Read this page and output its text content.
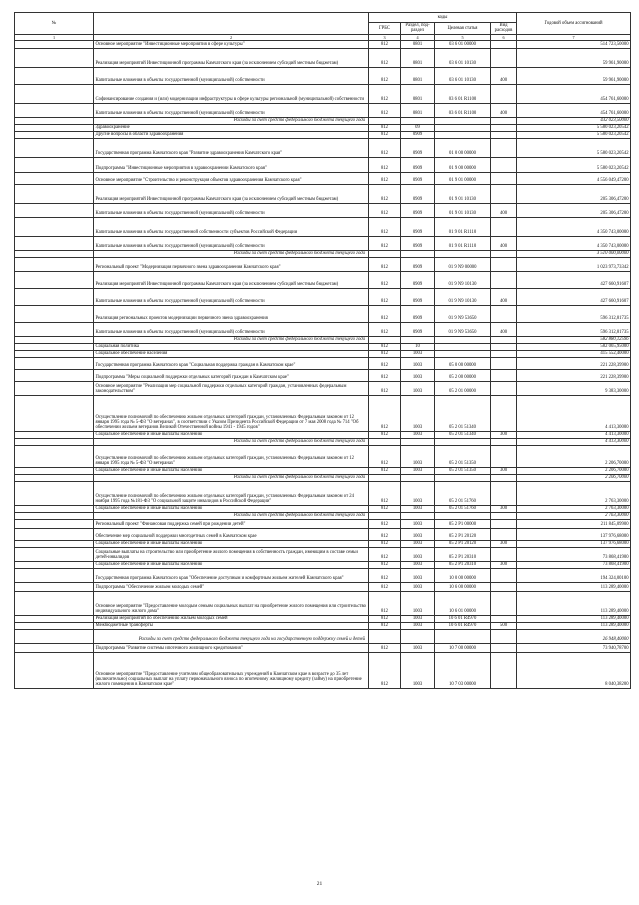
№		коды				Годовой объем ассигнований
		ГРБС	Раздел, под-раздел	Целевая статья	Вид расходов	
1	2	3	4	5	6	7
	Основное мероприятие "Инвестиционные мероприятия в сфере культуры"	812	0801	03 6 01 00000		514 723,50000
	Реализация мероприятий Инвестиционной программы Камчатского края (за исключением субсидий местным бюджетам)	812	0801	03 6 01 10130		59 961,90000
	Капитальные вложения в объекты государственной (муниципальной) собственности	812	0801	03 6 01 10130	400	59 961,90000
	Софинансирование создания и (или) модернизации инфраструктуры в сфере культуры региональной (муниципальной) собственности	812	0801	03 6 01 R1100		454 761,60000
	Капитальные вложения в объекты государственной (муниципальной) собственности	812	0801	03 6 01 R1100	400	454 761,60000
	Расходы за счет средств федерального бюджета текущего года					432 023,50000
	Здравоохранение	812	09			5 580 023,20542
	Другие вопросы в области здравоохранения	812	0909			5 580 023,20542
	Государственная программа Камчатского края "Развитие здравоохранения Камчатского края"	812	0909	01 0 00 00000		5 580 023,20542
	Подпрограмма "Инвестиционные мероприятия в здравоохранении Камчатского края"	812	0909	01 9 00 00000		5 580 023,20542
	Основное мероприятие "Строительство и реконструкция объектов здравоохранения Камчатского края"	812	0909	01 9 01 00000		4 556 049,47200
	Реализация мероприятий Инвестиционной программы Камчатского края (за исключением субсидий местным бюджетам)	812	0909	01 9 01 10130		205 306,47200
	Капитальные вложения в объекты государственной (муниципальной) собственности	812	0909	01 9 01 10130	400	205 306,47200
	Капитальные вложения в объекты государственной собственности субъектов Российской Федерации	812	0909	01 9 01 R1110		4 350 743,00000
	Капитальные вложения в объекты государственной (муниципальной) собственности	812	0909	01 9 01 R1110	400	4 350 743,00000
	Расходы за счет средств федерального бюджета текущего года					3 510 000,00000
	Региональный проект "Модернизация первичного звена здравоохранения Камчатского края"	812	0909	01 9 N9 00000		1 023 973,73342
	Реализация мероприятий Инвестиционной программы Камчатского края (за исключением субсидий местным бюджетам)	812	0909	01 9 N9 10130		427 660,91607
	Капитальные вложения в объекты государственной (муниципальной) собственности	812	0909	01 9 N9 10130	400	427 660,91607
	Реализация региональных проектов модернизации первичного звена здравоохранения	812	0909	01 9 N9 53650		596 312,81735
	Капитальные вложения в объекты государственной (муниципальной) собственности	812	0909	01 9 N9 53650	400	596 312,81735
	Расходы за счет средств федерального бюджета текущего года					582 880,12596
	Социальная политика	812	10			582 065,95000
	Социальное обеспечение населения	812	1003			415 552,40000
	Государственная программа Камчатского края "Социальная поддержка граждан в Камчатском крае"	812	1003	05 0 00 00000		221 228,39900
	Подпрограмма "Меры социальной поддержки отдельных категорий граждан в Камчатском крае"	812	1003	05 2 00 00000		221 228,39900
	Основное мероприятие "Реализация мер социальной поддержки отдельных категорий граждан, установленных федеральным законодательством"	812	1003	05 2 01 00000		9 383,30000
	Осуществление полномочий по обеспечению жильем отдельных категорий граждан, установленных Федеральным законом от 12 января 1995 года № 5-ФЗ "О ветеранах", в соответствии с Указом Президента Российской Федерации от 7 мая 2008 года № 714 "Об обеспечении жильем ветеранов Великой Отечественной войны 1941 - 1945 годов"	812	1003	05 2 01 51340		4 413,30000
	Социальное обеспечение и иные выплаты населению	812	1003	05 2 01 51340	300	4 413,30000
	Расходы за счет средств федерального бюджета текущего года					4 413,30000
	Осуществление полномочий по обеспечению жильем отдельных категорий граждан, установленных Федеральным законом от 12 января 1995 года № 5-ФЗ "О ветеранах"	812	1003	05 2 01 51350		2 206,70000
	Социальное обеспечение и иные выплаты населению	812	1003	05 2 01 51350	300	2 206,70000
	Расходы за счет средств федерального бюджета текущего года					2 206,70000
	Осуществление полномочий по обеспечению жильем отдельных категорий граждан, установленных Федеральным законом от 24 ноября 1995 года №181-ФЗ "О социальной защите инвалидов в Российской Федерации"	812	1003	05 2 01 51760		2 763,30000
	Социальное обеспечение и иные выплаты населению	812	1003	05 2 01 51760	300	2 763,30000
	Расходы за счет средств федерального бюджета текущего года					2 763,30000
	Региональный проект "Финансовая поддержка семей при рождении детей"	812	1003	05 2 P1 00000		211 845,09900
	Обеспечение мер социальной поддержки многодетных семей в Камчатском крае	812	1003	05 2 P1 20120		137 976,68000
	Социальное обеспечение и иные выплаты населению	812	1003	05 2 P1 20120	300	137 976,68000
	Социальные выплаты на строительство или приобретение жилого помещения в собственность граждан, имеющим в составе семьи детей-инвалидов	812	1003	05 2 P1 20310		73 868,41900
	Социальное обеспечение и иные выплаты населению	812	1003	05 2 P1 20310	300	73 868,41900
	Государственная программа Камчатского края "Обеспечение доступным и комфортным жильем жителей Камчатского края"	812	1003	10 0 00 00000		194 324,00100
	Подпрограмма "Обеспечение жильем молодых семей"	812	1003	10 6 00 00000		113 289,40000
	Основное мероприятие "Предоставление молодым семьям социальных выплат на приобретение жилого помещения или строительство индивидуального жилого дома"	812	1003	10 6 01 00000		113 289,40000
	Реализация мероприятий по обеспечению жильем молодых семей	812	1003	10 6 01 R4970		113 289,40000
	Межбюджетные трансферты	812	1003	10 6 01 R4970	500	113 289,40000
	Расходы за счет средств федерального бюджета текущего года на государственную поддержку семей и детей					26 948,40000
	Подпрограмма "Развитие системы ипотечного жилищного кредитования"	812	1003	10 7 00 00000		73 940,78700
	Основное мероприятие "Предоставление учителям общеобразовательных учреждений в Камчатском крае в возрасте до 35 лет (включительно) социальных выплат на уплату первоначального взноса по ипотечному жилищному кредиту (займу) на приобретение жилого помещения в Камчатском крае"	812	1003	10 7 03 00000		8 040,38200
21
